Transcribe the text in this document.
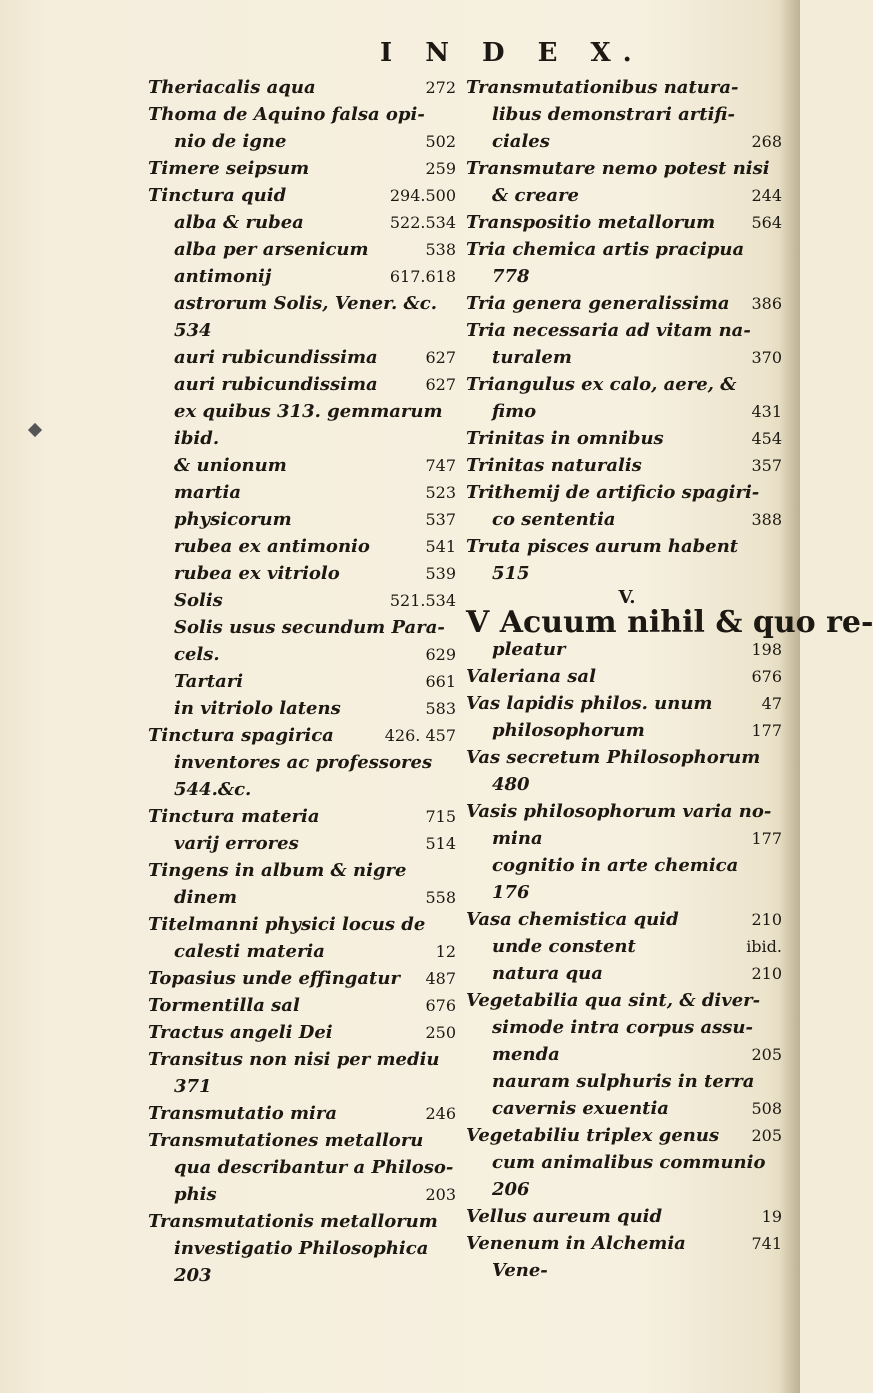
I N D E X.
Theriacalis aqua	272
Thoma de Aquino falsa opi-
nio de igne	502
Timere seipsum	259
Tinctura quid	294.500
alba & rubea	522.534
alba per arsenicum	538
antimonij	617.618
astrorum Solis, Vener. &c.
534
auri rubicundissima	627
auri rubicundissima	627
ex quibus 313. gemmarum
ibid.
& unionum	747
martia	523
physicorum	537
rubea ex antimonio	541
rubea ex vitriolo	539
Solis	521.534
Solis usus secundum Para-
cels.	629
Tartari	661
in vitriolo latens	583
Tinctura spagirica	426. 457
inventores ac professores
544.&c.
Tinctura materia	715
varij errores	514
Tingens in album & nigre
dinem	558
Titelmanni physici locus de
calesti materia	12
Topasius unde effingatur 487
Tormentilla sal	676
Tractus angeli Dei	250
Transitus non nisi per mediu
371
Transmutatio mira	246
Transmutationes metalloru
qua describantur a Philoso-
phis	203
Transmutationis metallorum
investigatio Philosophica
203
Transmutationibus natura-
libus demonstrari artifi-
ciales	268
Transmutare nemo potest nisi
& creare	244
Transpositio metallorum 564
Tria chemica artis pracipua
778
Tria genera generalissima 386
Tria necessaria ad vitam na-
turalem	370
Triangulus ex calo, aere, &
fimo	431
Trinitas in omnibus	454
Trinitas naturalis	357
Trithemij de artificio spagiri-
co sententia	388
Truta pisces aurum habent
515
V.
V Acuum nihil & quo re-
pleatur	198
Valeriana sal	676
Vas lapidis philos. unum	47
philosophorum	177
Vas secretum Philosophorum
480
Vasis philosophorum varia no-
mina	177
cognitio in arte chemica
176
Vasa chemistica quid	210
unde constent	ibid.
natura qua	210
Vegetabilia qua sint, & diver-
simode intra corpus assu-
menda	205
nauram sulphuris in terra
cavernis exuentia	508
Vegetabiliu triplex genus 205
cum animalibus communio
206
Vellus aureum quid	19
Venenum in Alchemia	741
Vene-
